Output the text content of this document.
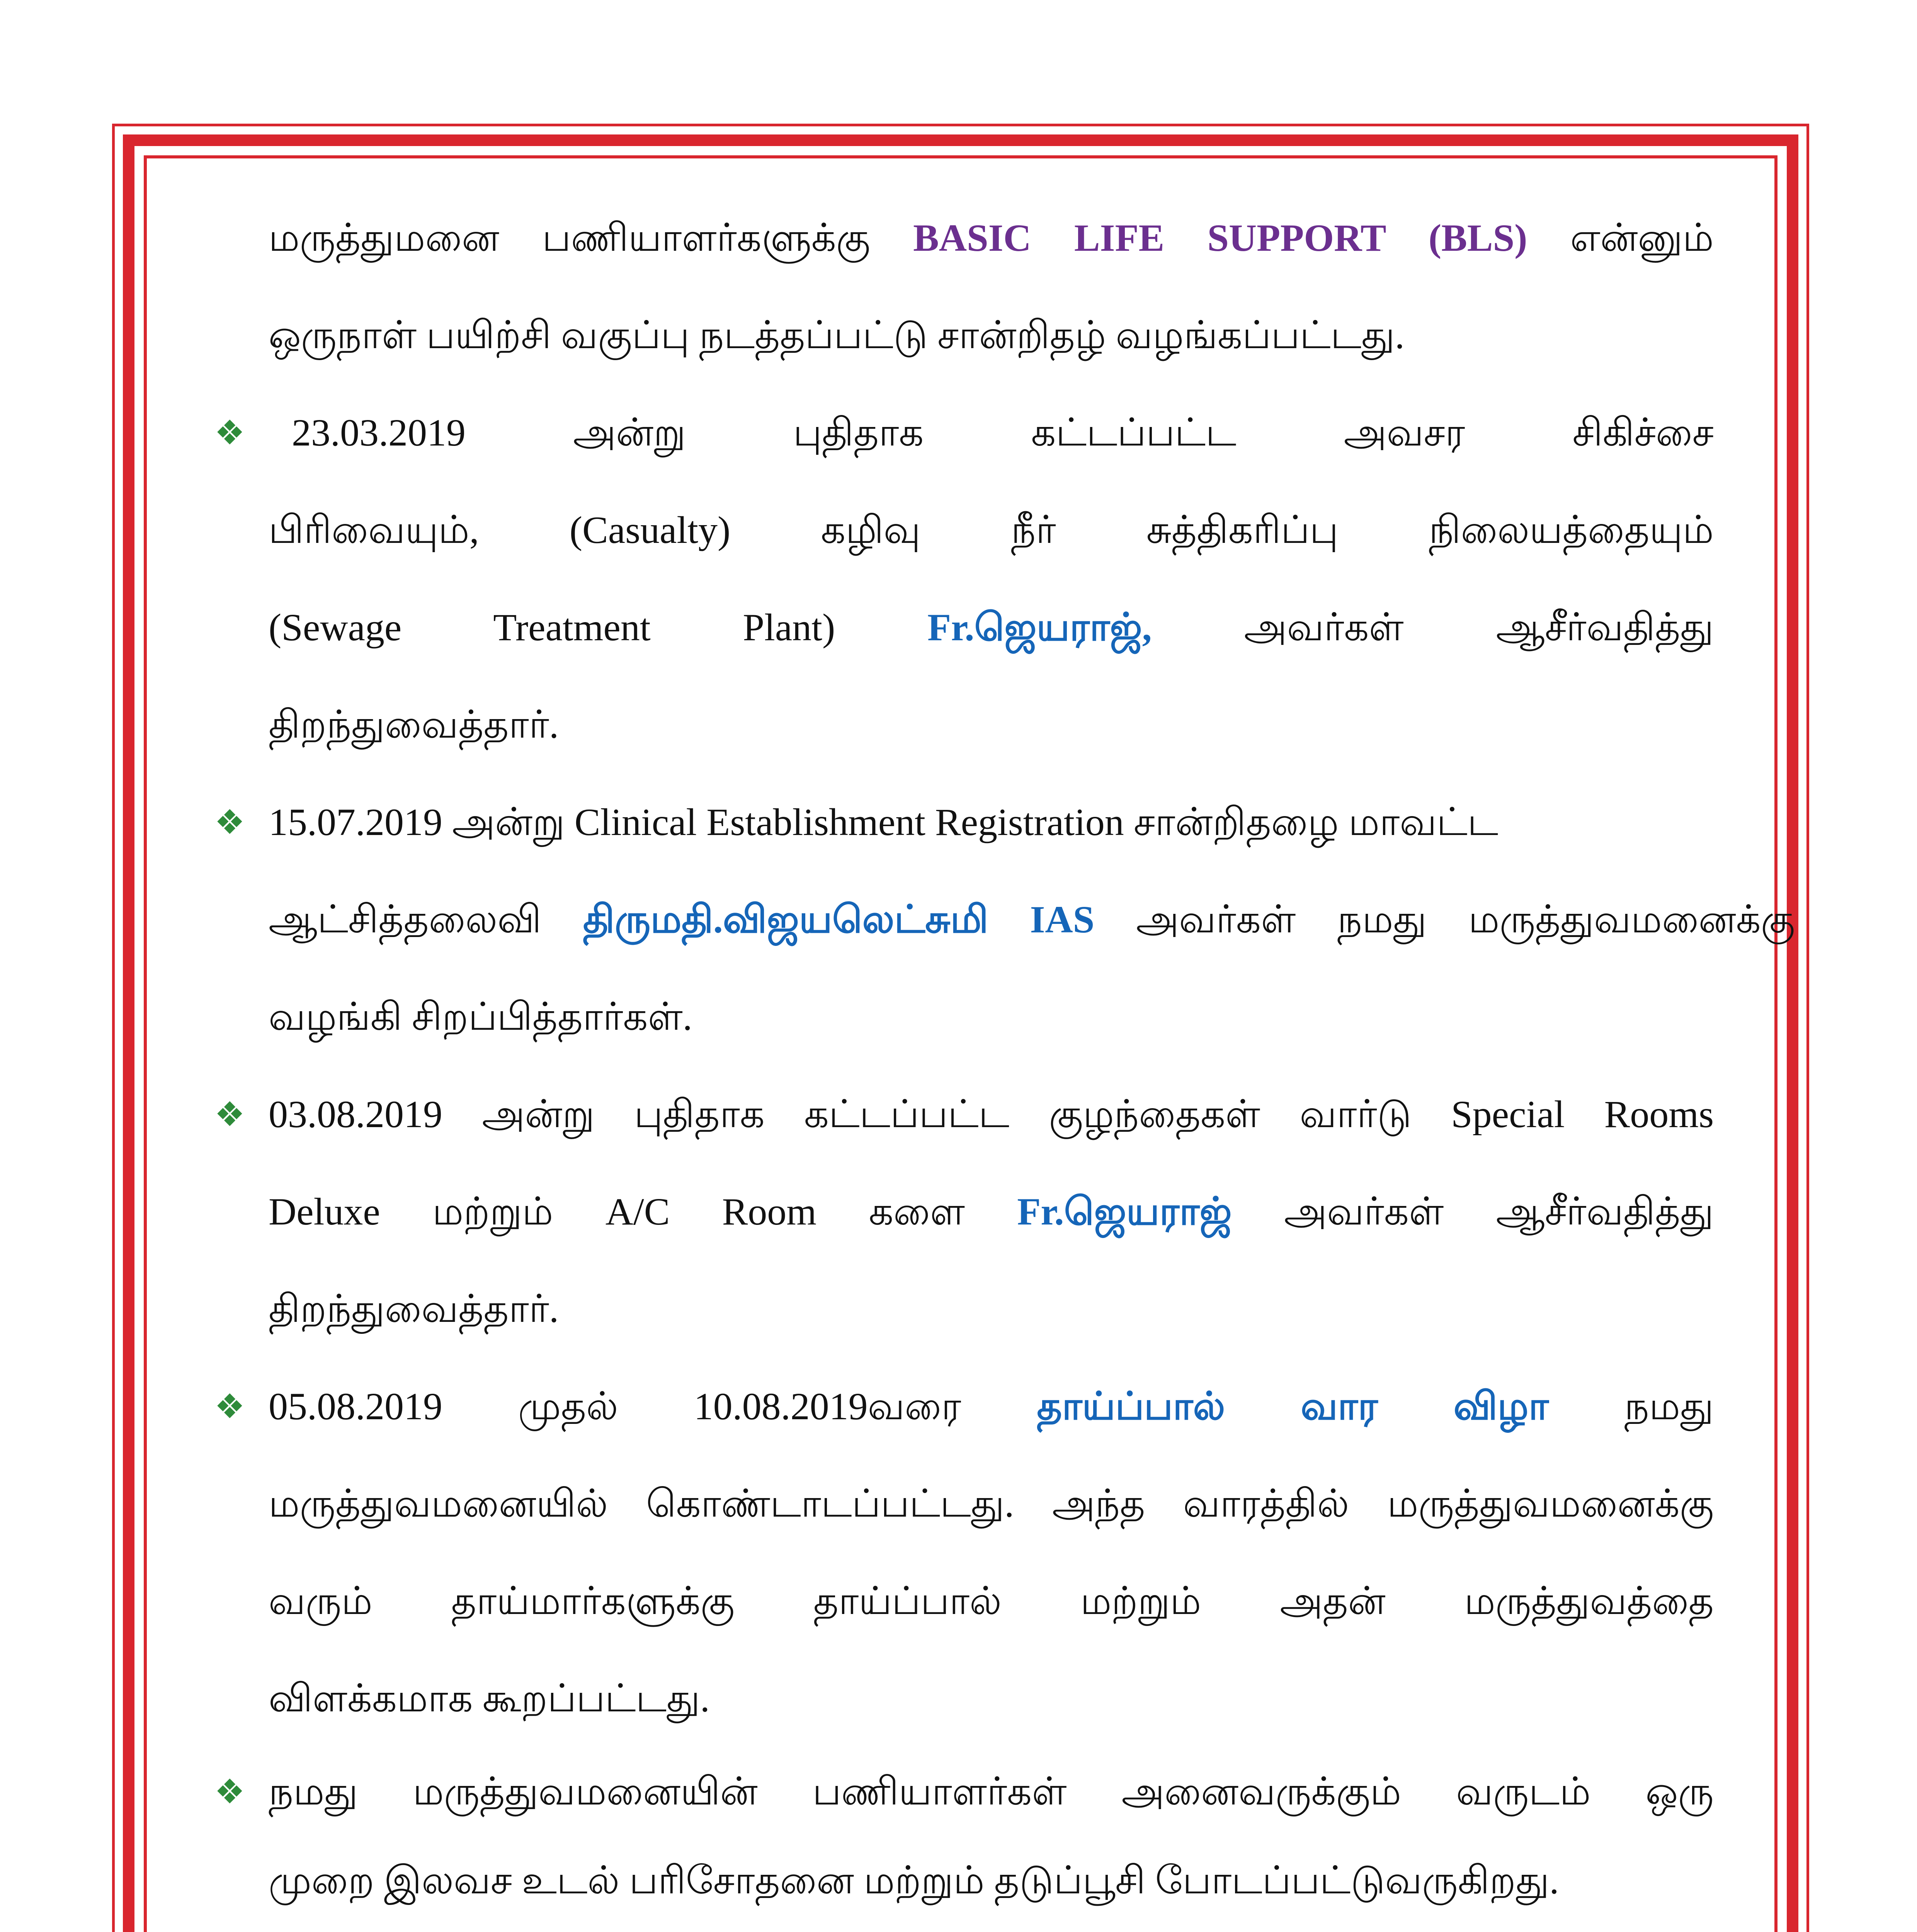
மருத்துமனை பணியாளர்களுக்கு BASIC LIFE SUPPORT (BLS) என்னும்
ஒருநாள் பயிற்சி வகுப்பு நடத்தப்பட்டு சான்றிதழ் வழங்கப்பட்டது.
❖	23.03.2019 அன்று புதிதாக கட்டப்பட்ட அவசர சிகிச்சை
பிரிவையும், (Casualty) கழிவு நீர் சுத்திகரிப்பு நிலையத்தையும்
(Sewage Treatment Plant) Fr.ஜெயராஜ், அவர்கள் ஆசீர்வதித்து
திறந்துவைத்தார்.
❖ 15.07.2019 அன்று Clinical Establishment Registration சான்றிதழை மாவட்ட
ஆட்சித்தலைவி திருமதி.விஜயலெட்சுமி IAS அவர்கள் நமது மருத்துவமனைக்கு
வழங்கி சிறப்பித்தார்கள்.
❖ 03.08.2019 அன்று புதிதாக கட்டப்பட்ட குழந்தைகள் வார்டு Special Rooms
Deluxe மற்றும் A/C Room களை Fr.ஜெயராஜ் அவர்கள் ஆசீர்வதித்து
திறந்துவைத்தார்.
❖ 05.08.2019 முதல் 10.08.2019வரை தாய்ப்பால் வார விழா நமது
மருத்துவமனையில் கொண்டாடப்பட்டது. அந்த வாரத்தில் மருத்துவமனைக்கு
வரும் தாய்மார்களுக்கு தாய்ப்பால் மற்றும் அதன் மருத்துவத்தை
விளக்கமாக கூறப்பட்டது.
❖ நமது மருத்துவமனையின் பணியாளர்கள் அனைவருக்கும் வருடம் ஒரு
முறை இலவச உடல் பரிசோதனை மற்றும் தடுப்பூசி போடப்பட்டுவருகிறது.
